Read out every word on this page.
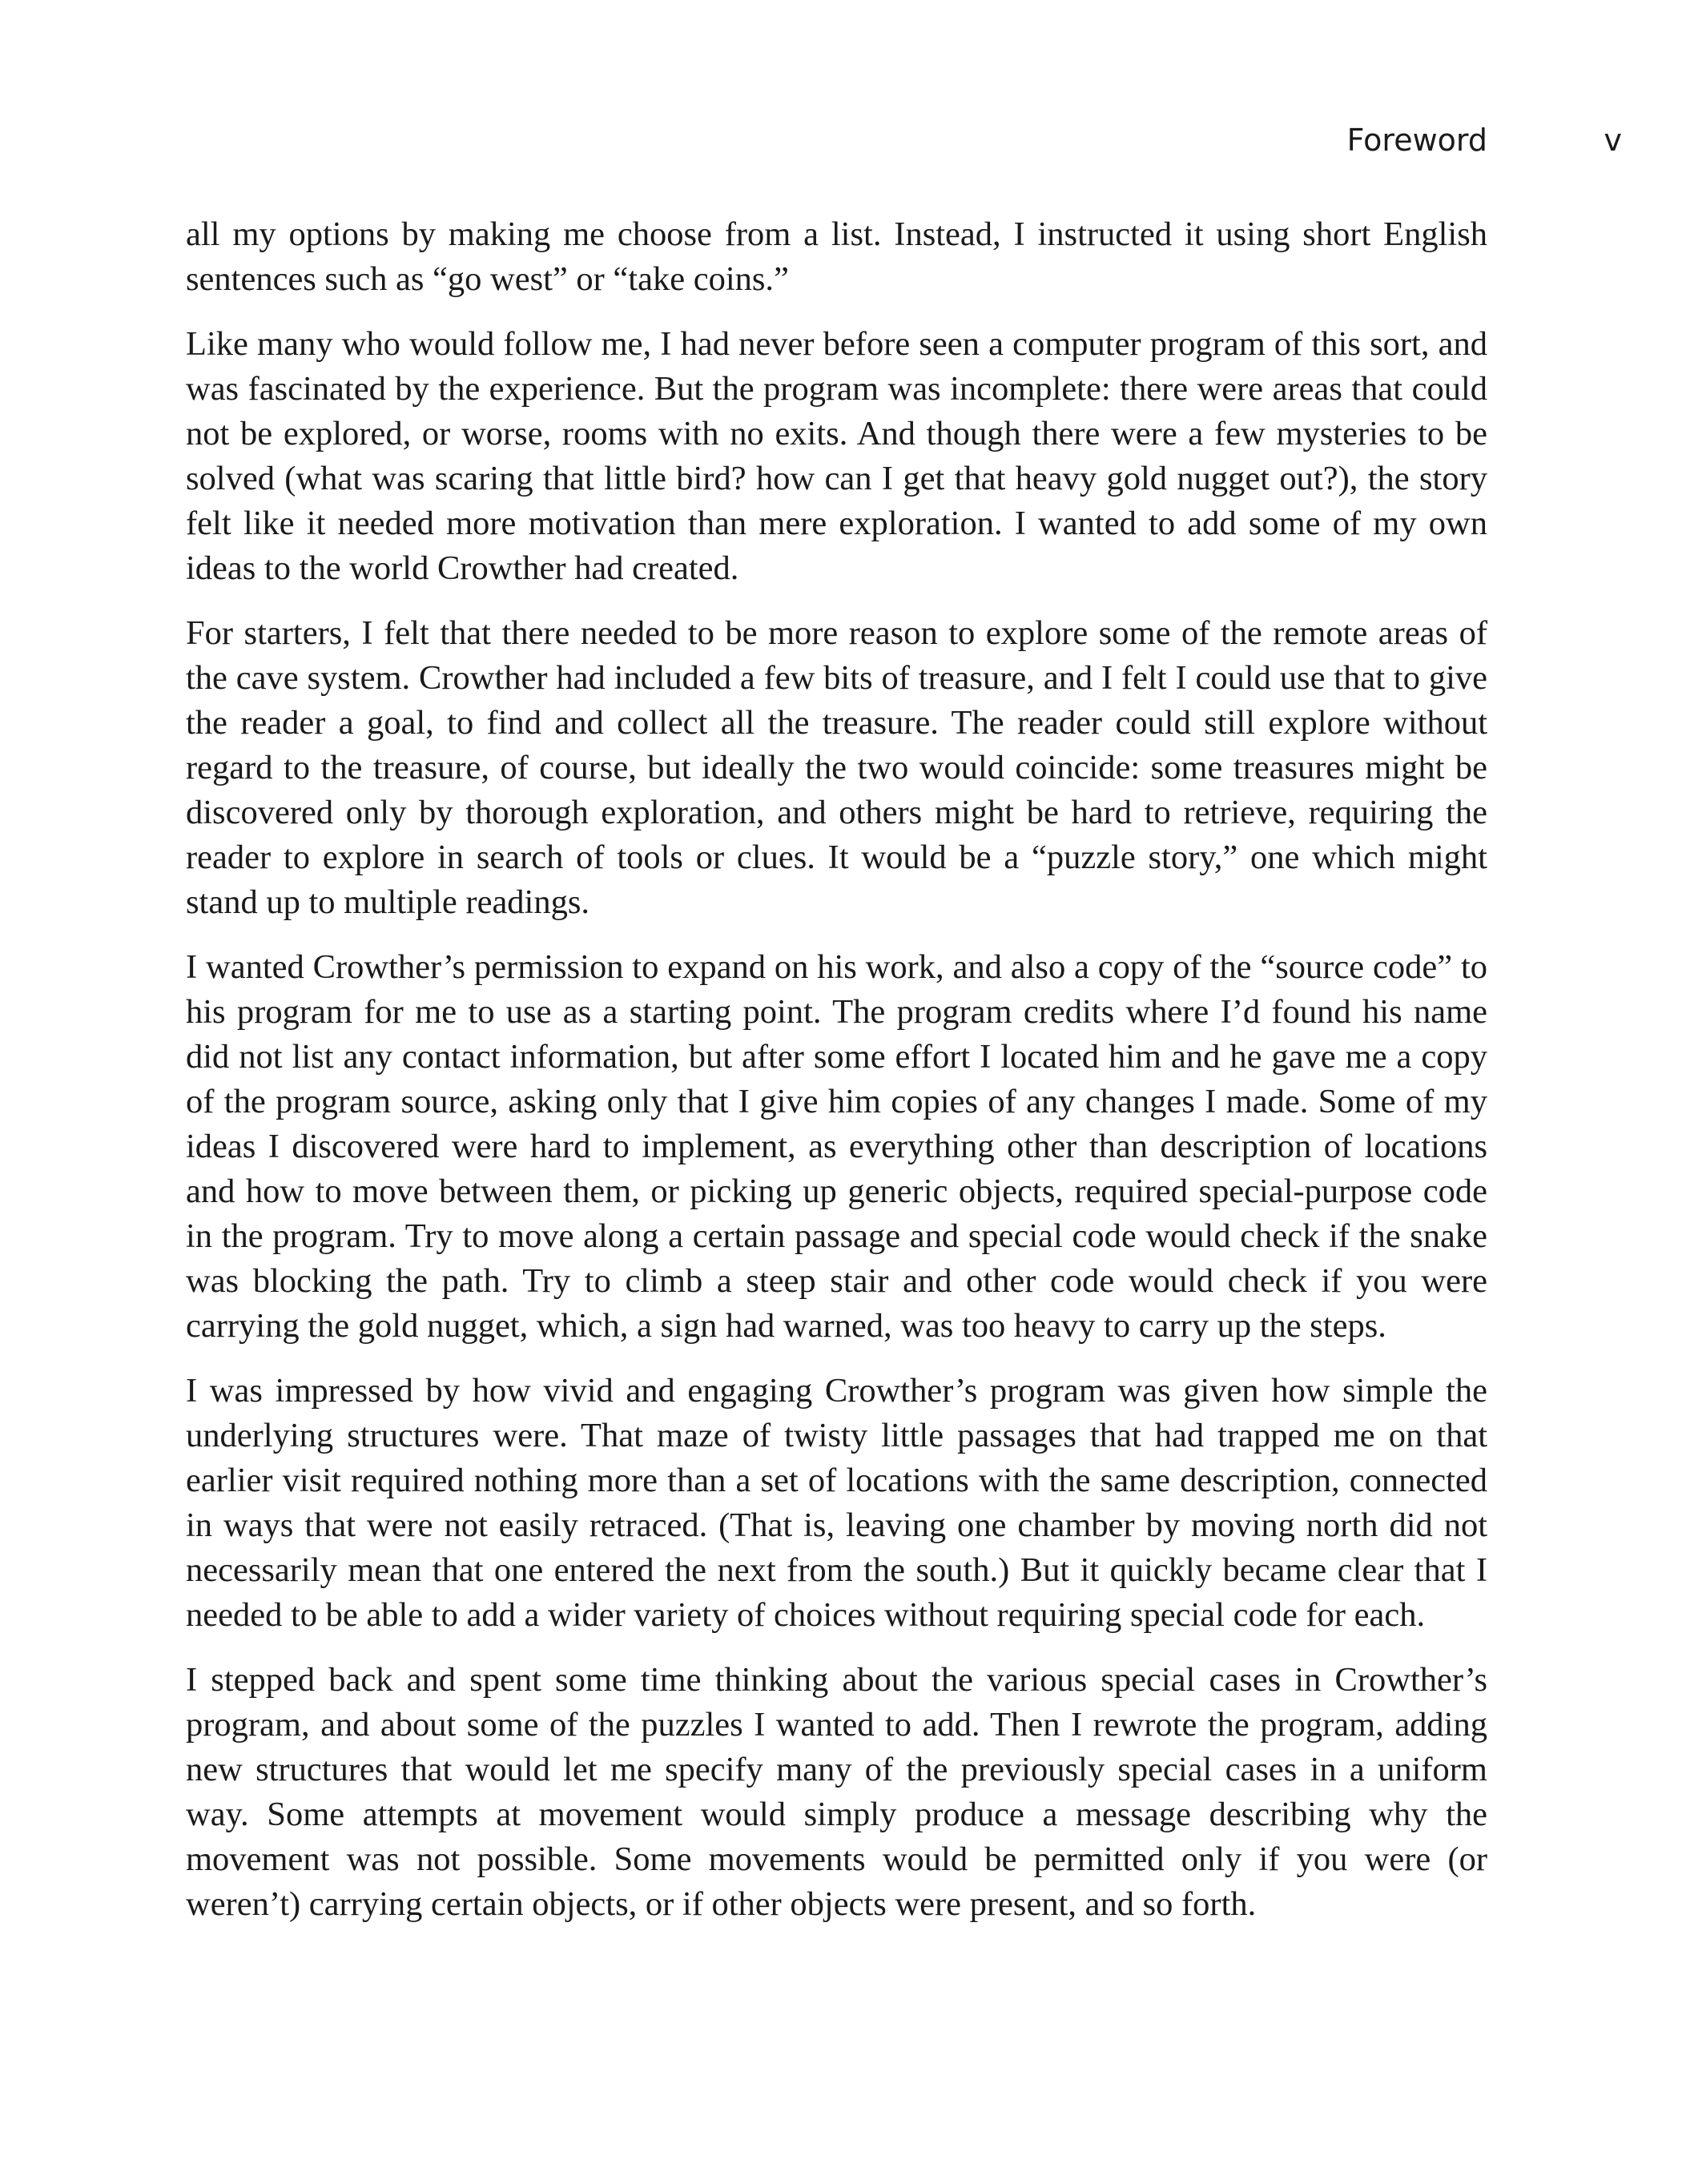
Foreword	v

all my options by making me choose from a list. Instead, I instructed it using short English sentences such as “go west” or “take coins.”

Like many who would follow me, I had never before seen a computer program of this sort, and was fascinated by the experience. But the program was incomplete: there were areas that could not be explored, or worse, rooms with no exits. And though there were a few mysteries to be solved (what was scaring that little bird? how can I get that heavy gold nugget out?), the story felt like it needed more motivation than mere exploration. I wanted to add some of my own ideas to the world Crowther had created.

For starters, I felt that there needed to be more reason to explore some of the remote areas of the cave system. Crowther had included a few bits of treasure, and I felt I could use that to give the reader a goal, to find and collect all the treasure. The reader could still explore without regard to the treasure, of course, but ideally the two would coincide: some treasures might be discovered only by thorough exploration, and others might be hard to retrieve, requiring the reader to explore in search of tools or clues. It would be a “puzzle story,” one which might stand up to multiple readings.

I wanted Crowther’s permission to expand on his work, and also a copy of the “source code” to his program for me to use as a starting point. The program credits where I’d found his name did not list any contact information, but after some effort I located him and he gave me a copy of the program source, asking only that I give him copies of any changes I made. Some of my ideas I discovered were hard to implement, as everything other than description of locations and how to move between them, or picking up generic objects, required special-purpose code in the program. Try to move along a certain passage and special code would check if the snake was blocking the path. Try to climb a steep stair and other code would check if you were carrying the gold nugget, which, a sign had warned, was too heavy to carry up the steps.

I was impressed by how vivid and engaging Crowther’s program was given how simple the underlying structures were. That maze of twisty little passages that had trapped me on that earlier visit required nothing more than a set of locations with the same description, connected in ways that were not easily retraced. (That is, leaving one chamber by moving north did not necessarily mean that one entered the next from the south.) But it quickly became clear that I needed to be able to add a wider variety of choices without requiring special code for each.

I stepped back and spent some time thinking about the various special cases in Crowther’s program, and about some of the puzzles I wanted to add. Then I rewrote the program, adding new structures that would let me specify many of the previously special cases in a uniform way. Some attempts at movement would simply produce a message describing why the movement was not possible. Some movements would be permitted only if you were (or weren’t) carrying certain objects, or if other objects were present, and so forth.
